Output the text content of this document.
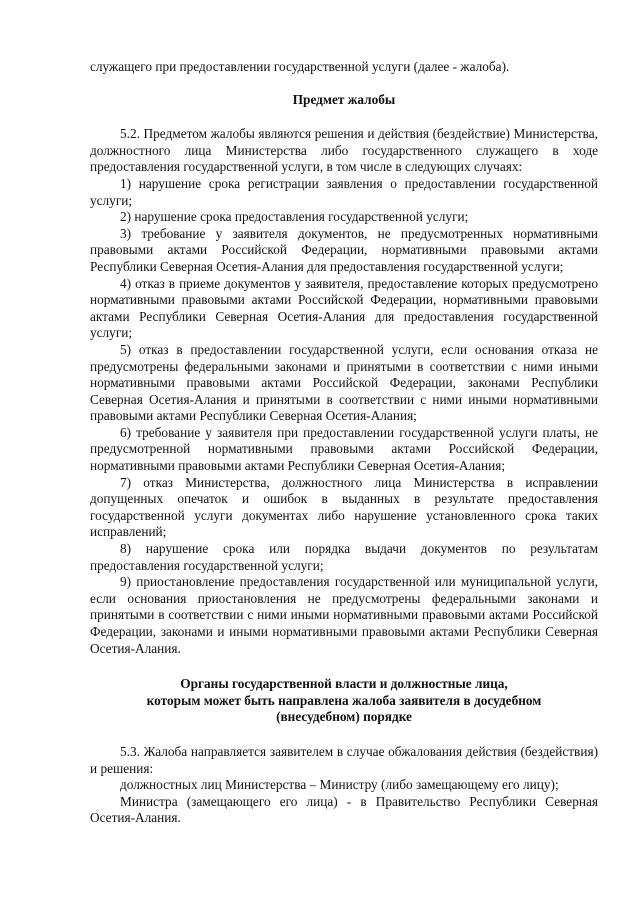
служащего при предоставлении государственной услуги (далее - жалоба).

Предмет жалобы

5.2. Предметом жалобы являются решения и действия (бездействие) Министерства, должностного лица Министерства либо государственного служащего в ходе предоставления государственной услуги, в том числе в следующих случаях:

1) нарушение срока регистрации заявления о предоставлении государственной услуги;

2) нарушение срока предоставления государственной услуги;

3) требование у заявителя документов, не предусмотренных нормативными правовыми актами Российской Федерации, нормативными правовыми актами Республики Северная Осетия-Алания для предоставления государственной услуги;

4) отказ в приеме документов у заявителя, предоставление которых предусмотрено нормативными правовыми актами Российской Федерации, нормативными правовыми актами Республики Северная Осетия-Алания для предоставления государственной услуги;

5) отказ в предоставлении государственной услуги, если основания отказа не предусмотрены федеральными законами и принятыми в соответствии с ними иными нормативными правовыми актами Российской Федерации, законами Республики Северная Осетия-Алания и принятыми в соответствии с ними иными нормативными правовыми актами Республики Северная Осетия-Алания;

6) требование у заявителя при предоставлении государственной услуги платы, не предусмотренной нормативными правовыми актами Российской Федерации, нормативными правовыми актами Республики Северная Осетия-Алания;

7) отказ Министерства, должностного лица Министерства в исправлении допущенных опечаток и ошибок в выданных в результате предоставления государственной услуги документах либо нарушение установленного срока таких исправлений;

8) нарушение срока или порядка выдачи документов по результатам предоставления государственной услуги;

9) приостановление предоставления государственной или муниципальной услуги, если основания приостановления не предусмотрены федеральными законами и принятыми в соответствии с ними иными нормативными правовыми актами Российской Федерации, законами и иными нормативными правовыми актами Республики Северная Осетия-Алания.

Органы государственной власти и должностные лица,
которым может быть направлена жалоба заявителя в досудебном
(внесудебном) порядке

5.3. Жалоба направляется заявителем в случае обжалования действия (бездействия) и решения:

должностных лиц Министерства – Министру (либо замещающему его лицу);

Министра (замещающего его лица) - в Правительство Республики Северная Осетия-Алания.
